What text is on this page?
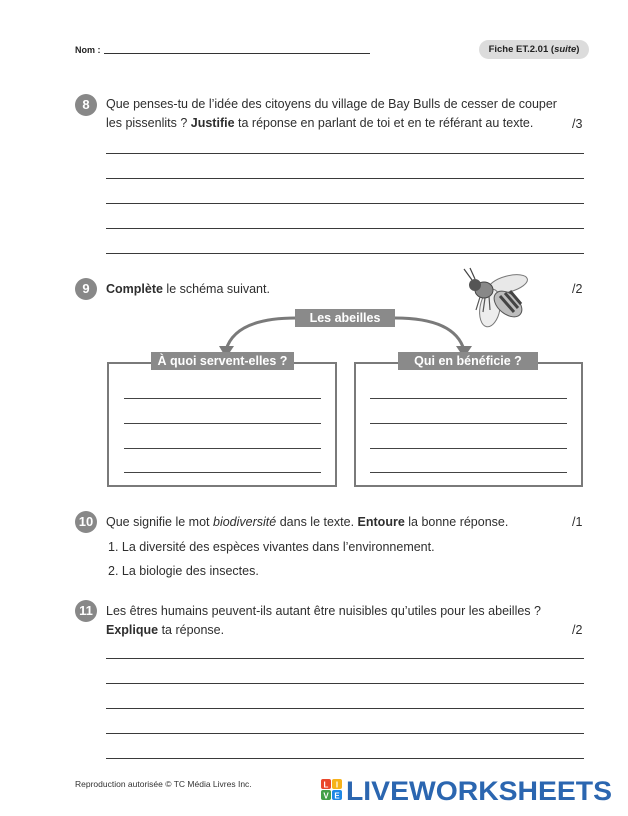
Nom :	Fiche ET.2.01 (suite)
8	Que penses-tu de l’idée des citoyens du village de Bay Bulls de cesser de couper
les pissenlits ? Justifie ta réponse en parlant de toi et en te référant au texte.	/3
9	Complète le schéma suivant.	/2
Les abeilles
À quoi servent-elles ?	Qui en bénéficie ?
10	Que signifie le mot biodiversité dans le texte. Entoure la bonne réponse.	/1
1. La diversité des espèces vivantes dans l’environnement.
2. La biologie des insectes.
11	Les êtres humains peuvent-ils autant être nuisibles qu’utiles pour les abeilles ?
Explique ta réponse.	/2
Reproduction autorisée © TC Média Livres Inc.	L I
V E LIVEWORKSHEETS
